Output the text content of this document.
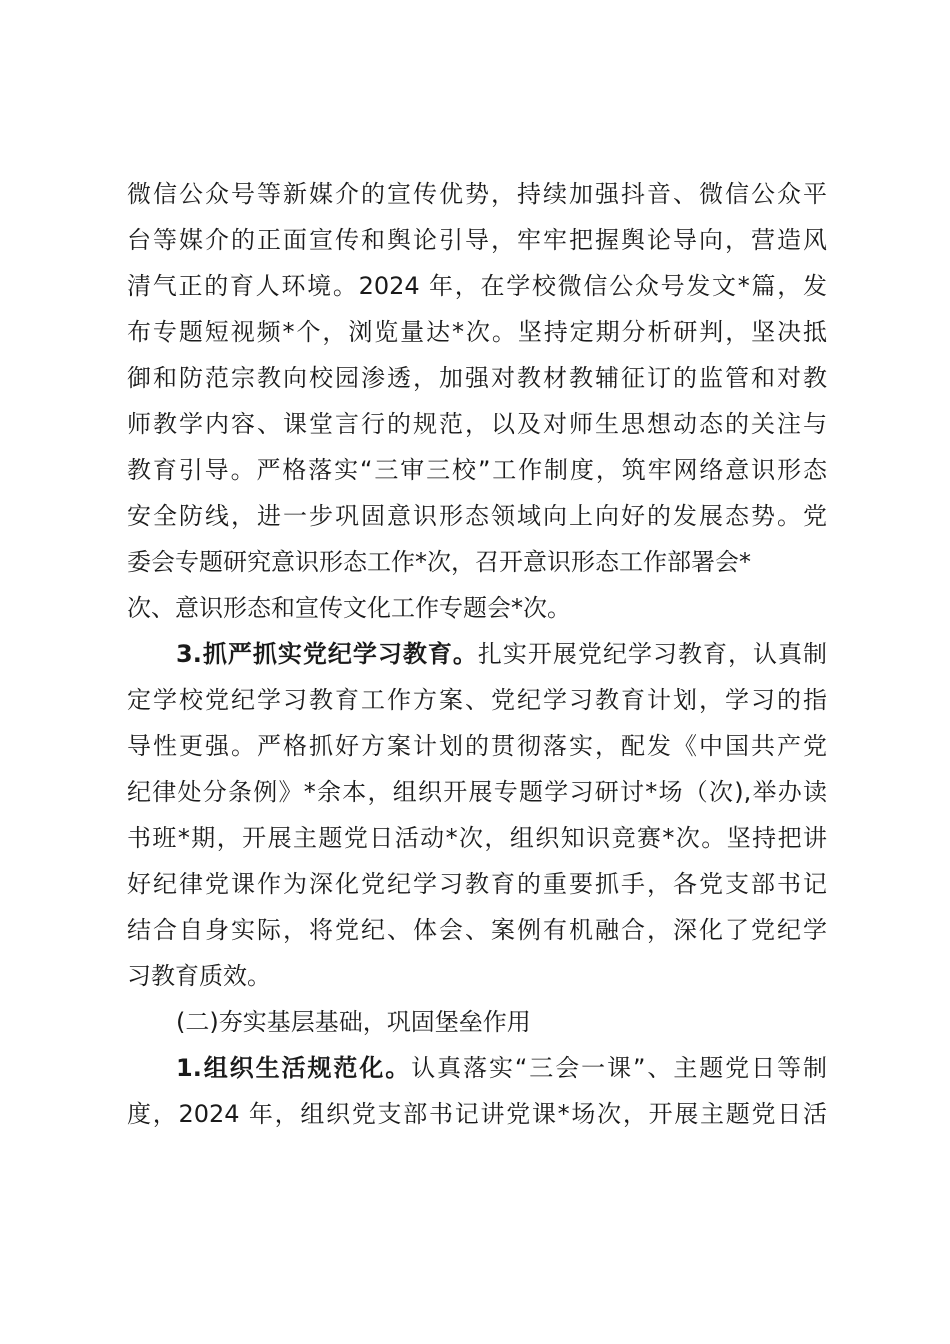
微信公众号等新媒介的宣传优势，持续加强抖音、微信公众平
台等媒介的正面宣传和舆论引导，牢牢把握舆论导向，营造风
清气正的育人环境。2024 年，在学校微信公众号发文*篇，发
布专题短视频*个，浏览量达*次。坚持定期分析研判，坚决抵
御和防范宗教向校园渗透，加强对教材教辅征订的监管和对教
师教学内容、课堂言行的规范，以及对师生思想动态的关注与
教育引导。严格落实“三审三校”工作制度，筑牢网络意识形态
安全防线，进一步巩固意识形态领域向上向好的发展态势。党
委会专题研究意识形态工作*次，召开意识形态工作部署会*
次、意识形态和宣传文化工作专题会*次。
3.抓严抓实党纪学习教育。扎实开展党纪学习教育，认真制
定学校党纪学习教育工作方案、党纪学习教育计划，学习的指
导性更强。严格抓好方案计划的贯彻落实，配发《中国共产党
纪律处分条例》*余本，组织开展专题学习研讨*场（次),举办读
书班*期，开展主题党日活动*次，组织知识竞赛*次。坚持把讲
好纪律党课作为深化党纪学习教育的重要抓手，各党支部书记
结合自身实际，将党纪、体会、案例有机融合，深化了党纪学
习教育质效。
(二)夯实基层基础，巩固堡垒作用
1.组织生活规范化。认真落实“三会一课”、主题党日等制
度，2024 年，组织党支部书记讲党课*场次，开展主题党日活
